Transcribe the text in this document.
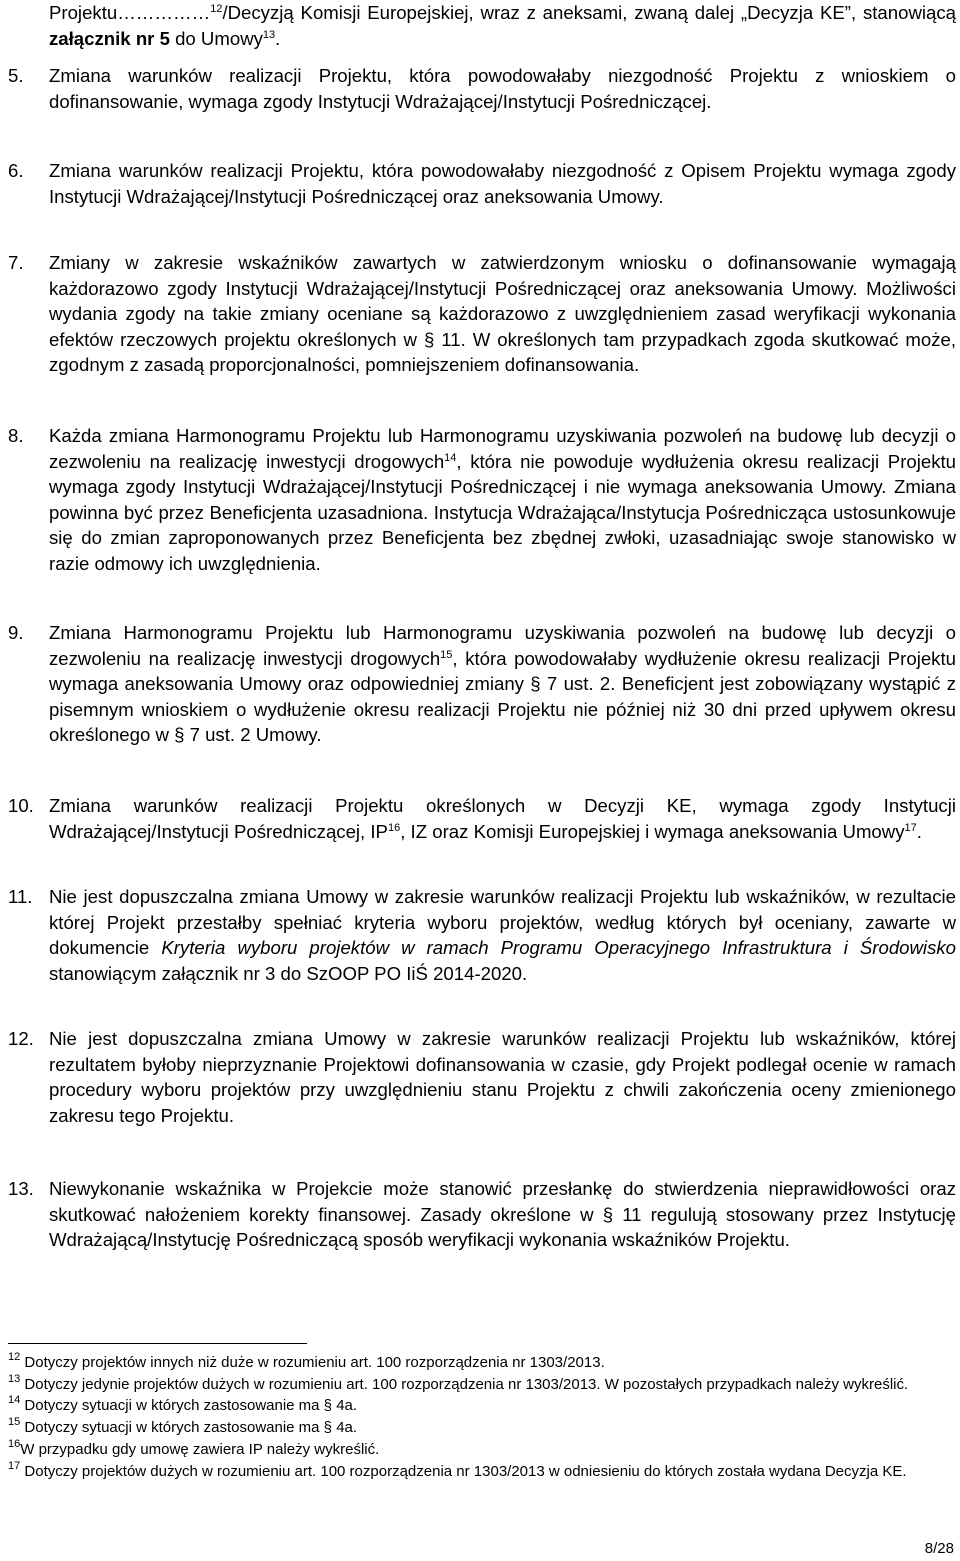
Projektu……………$^{12}$/Decyzją Komisji Europejskiej, wraz z aneksami, zwaną dalej „Decyzja KE”, stanowiącą załącznik nr 5 do Umowy$^{13}$.
5. Zmiana warunków realizacji Projektu, która powodowałaby niezgodność Projektu z wnioskiem o dofinansowanie, wymaga zgody Instytucji Wdrażającej/Instytucji Pośredniczącej.
6. Zmiana warunków realizacji Projektu, która powodowałaby niezgodność z Opisem Projektu wymaga zgody Instytucji Wdrażającej/Instytucji Pośredniczącej oraz aneksowania Umowy.
7. Zmiany w zakresie wskaźników zawartych w zatwierdzonym wniosku o dofinansowanie wymagają każdorazowo zgody Instytucji Wdrażającej/Instytucji Pośredniczącej oraz aneksowania Umowy. Możliwości wydania zgody na takie zmiany oceniane są każdorazowo z uwzględnieniem zasad weryfikacji wykonania efektów rzeczowych projektu określonych w § 11. W określonych tam przypadkach zgoda skutkować może, zgodnym z zasadą proporcjonalności, pomniejszeniem dofinansowania.
8. Każda zmiana Harmonogramu Projektu lub Harmonogramu uzyskiwania pozwoleń na budowę lub decyzji o zezwoleniu na realizację inwestycji drogowych$^{14}$, która nie powoduje wydłużenia okresu realizacji Projektu wymaga zgody Instytucji Wdrażającej/Instytucji Pośredniczącej i nie wymaga aneksowania Umowy. Zmiana powinna być przez Beneficjenta uzasadniona. Instytucja Wdrażająca/Instytucja Pośrednicząca ustosunkowuje się do zmian zaproponowanych przez Beneficjenta bez zbędnej zwłoki, uzasadniając swoje stanowisko w razie odmowy ich uwzględnienia.
9. Zmiana Harmonogramu Projektu lub Harmonogramu uzyskiwania pozwoleń na budowę lub decyzji o zezwoleniu na realizację inwestycji drogowych$^{15}$, która powodowałaby wydłużenie okresu realizacji Projektu wymaga aneksowania Umowy oraz odpowiedniej zmiany § 7 ust. 2. Beneficjent jest zobowiązany wystąpić z pisemnym wnioskiem o wydłużenie okresu realizacji Projektu nie później niż 30 dni przed upływem okresu określonego w § 7 ust. 2 Umowy.
10. Zmiana warunków realizacji Projektu określonych w Decyzji KE, wymaga zgody Instytucji Wdrażającej/Instytucji Pośredniczącej, IP$^{16}$, IZ oraz Komisji Europejskiej i wymaga aneksowania Umowy$^{17}$.
11. Nie jest dopuszczalna zmiana Umowy w zakresie warunków realizacji Projektu lub wskaźników, w rezultacie której Projekt przestałby spełniać kryteria wyboru projektów, według których był oceniany, zawarte w dokumencie Kryteria wyboru projektów w ramach Programu Operacyjnego Infrastruktura i Środowisko stanowiącym załącznik nr 3 do SzOOP PO IiŚ 2014-2020.
12. Nie jest dopuszczalna zmiana Umowy w zakresie warunków realizacji Projektu lub wskaźników, której rezultatem byłoby nieprzyznanie Projektowi dofinansowania w czasie, gdy Projekt podlegał ocenie w ramach procedury wyboru projektów przy uwzględnieniu stanu Projektu z chwili zakończenia oceny zmienionego zakresu tego Projektu.
13. Niewykonanie wskaźnika w Projekcie może stanowić przesłankę do stwierdzenia nieprawidłowości oraz skutkować nałożeniem korekty finansowej. Zasady określone w § 11 regulują stosowany przez Instytucję Wdrażającą/Instytucję Pośredniczącą sposób weryfikacji wykonania wskaźników Projektu.

$^{12}$ Dotyczy projektów innych niż duże w rozumieniu art. 100 rozporządzenia nr 1303/2013.

$^{13}$ Dotyczy jedynie projektów dużych w rozumieniu art. 100 rozporządzenia nr 1303/2013. W pozostałych przypadkach należy wykreślić.

$^{14}$ Dotyczy sytuacji w których zastosowanie ma § 4a.

$^{15}$ Dotyczy sytuacji w których zastosowanie ma § 4a.

$^{16}$W przypadku gdy umowę zawiera IP należy wykreślić.

$^{17}$ Dotyczy projektów dużych w rozumieniu art. 100 rozporządzenia nr 1303/2013 w odniesieniu do których została wydana Decyzja KE.

8/28
